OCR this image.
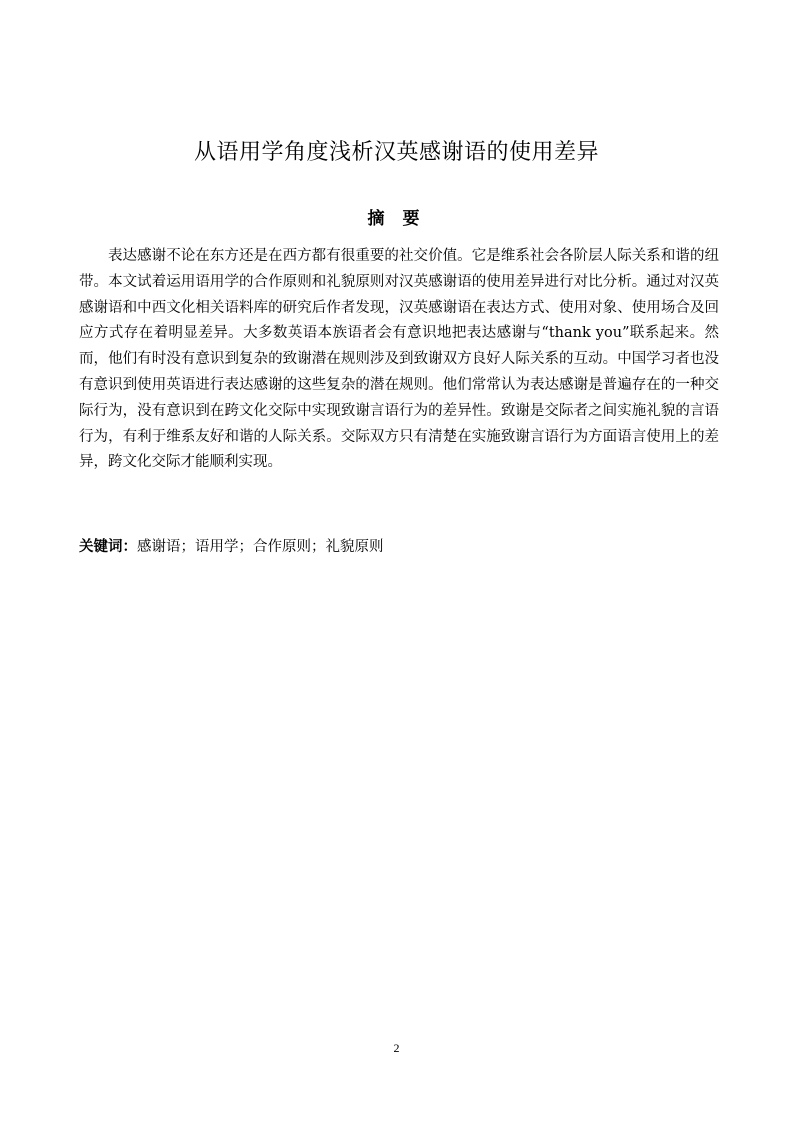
从语用学角度浅析汉英感谢语的使用差异
摘 要

表达感谢不论在东方还是在西方都有很重要的社交价值。它是维系社会各阶层人际关系和谐的纽带。本文试着运用语用学的合作原则和礼貌原则对汉英感谢语的使用差异进行对比分析。通过对汉英感谢语和中西文化相关语料库的研究后作者发现，汉英感谢语在表达方式、使用对象、使用场合及回应方式存在着明显差异。大多数英语本族语者会有意识地把表达感谢与“thank you”联系起来。然而，他们有时没有意识到复杂的致谢潜在规则涉及到致谢双方良好人际关系的互动。中国学习者也没有意识到使用英语进行表达感谢的这些复杂的潜在规则。他们常常认为表达感谢是普遍存在的一种交际行为，没有意识到在跨文化交际中实现致谢言语行为的差异性。致谢是交际者之间实施礼貌的言语行为，有利于维系友好和谐的人际关系。交际双方只有清楚在实施致谢言语行为方面语言使用上的差异，跨文化交际才能顺利实现。

关键词：感谢语；语用学；合作原则；礼貌原则
2
